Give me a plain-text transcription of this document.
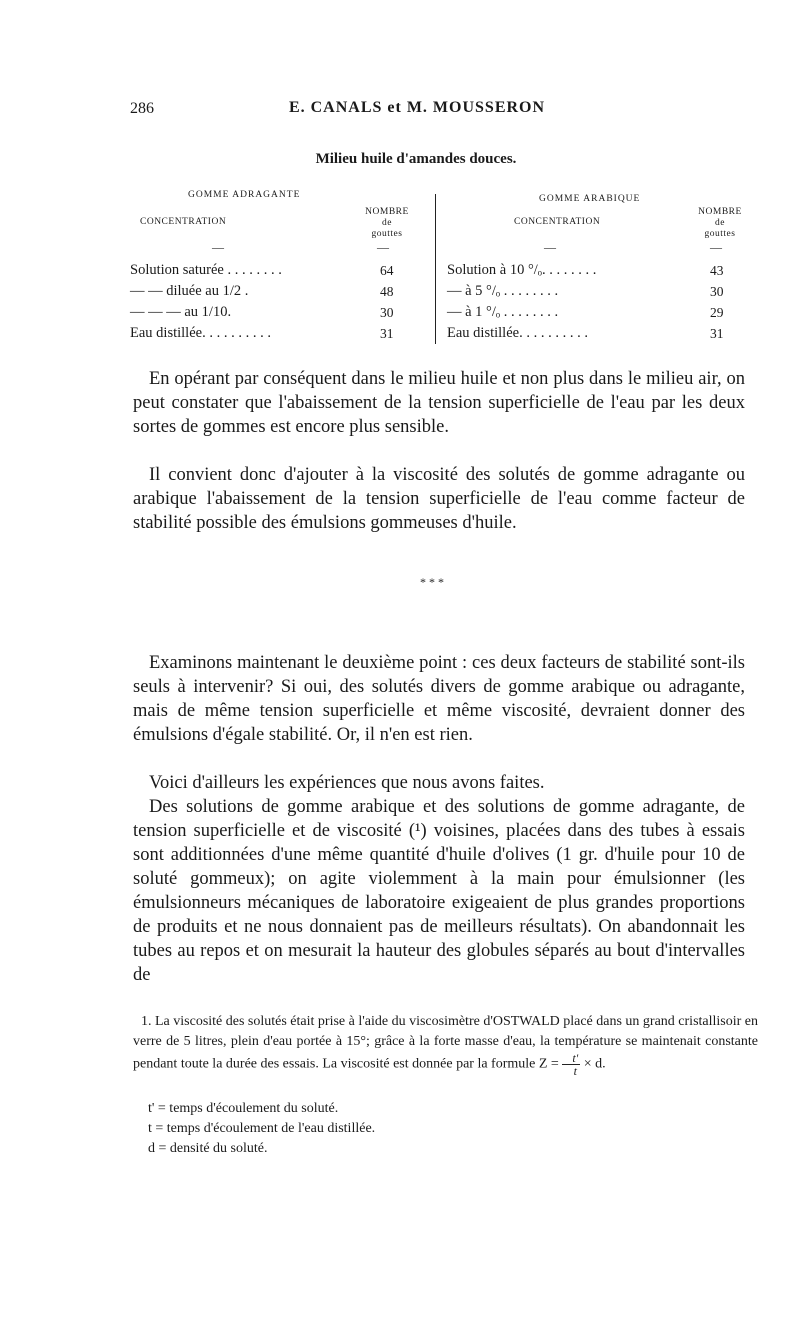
286	E. CANALS et M. MOUSSERON
Milieu huile d'amandes douces.
GOMME ADRAGANTE
CONCENTRATION
NOMBRE
de
gouttes
—	—
Solution saturée . . . . . . . .	64
— — diluée au 1/2 .	48
— — — au 1/10.	30
Eau distillée. . . . . . . . . .	31
GOMME ARABIQUE
CONCENTRATION
NOMBRE
de
gouttes
—	—
Solution à 10 °/ₒ. . . . . . . .	43
— à 5 °/ₒ . . . . . . . .	30
— à 1 °/ₒ . . . . . . . .	29
Eau distillée. . . . . . . . . .	31

En opérant par conséquent dans le milieu huile et non plus dans le milieu air, on peut constater que l'abaissement de la tension superficielle de l'eau par les deux sortes de gommes est encore plus sensible.

Il convient donc d'ajouter à la viscosité des solutés de gomme adragante ou arabique l'abaissement de la tension superficielle de l'eau comme facteur de stabilité possible des émulsions gommeuses d'huile.

* * *

Examinons maintenant le deuxième point : ces deux facteurs de stabilité sont-ils seuls à intervenir? Si oui, des solutés divers de gomme arabique ou adragante, mais de même tension superficielle et même viscosité, devraient donner des émulsions d'égale stabilité. Or, il n'en est rien.

Voici d'ailleurs les expériences que nous avons faites.

Des solutions de gomme arabique et des solutions de gomme adragante, de tension superficielle et de viscosité (¹) voisines, placées dans des tubes à essais sont additionnées d'une même quantité d'huile d'olives (1 gr. d'huile pour 10 de soluté gommeux); on agite violemment à la main pour émulsionner (les émulsionneurs mécaniques de laboratoire exigeaient de plus grandes proportions de produits et ne nous donnaient pas de meilleurs résultats). On abandonnait les tubes au repos et on mesurait la hauteur des globules séparés au bout d'intervalles de

1. La viscosité des solutés était prise à l'aide du viscosimètre d'OSTWALD placé dans un grand cristallisoir en verre de 5 litres, plein d'eau portée à 15°; grâce à la forte masse d'eau, la température se maintenait constante pendant toute la durée des essais. La viscosité est donnée par la formule $Z = \frac{t'}{t} \times d$.

t' = temps d'écoulement du soluté.
t = temps d'écoulement de l'eau distillée.
d = densité du soluté.
